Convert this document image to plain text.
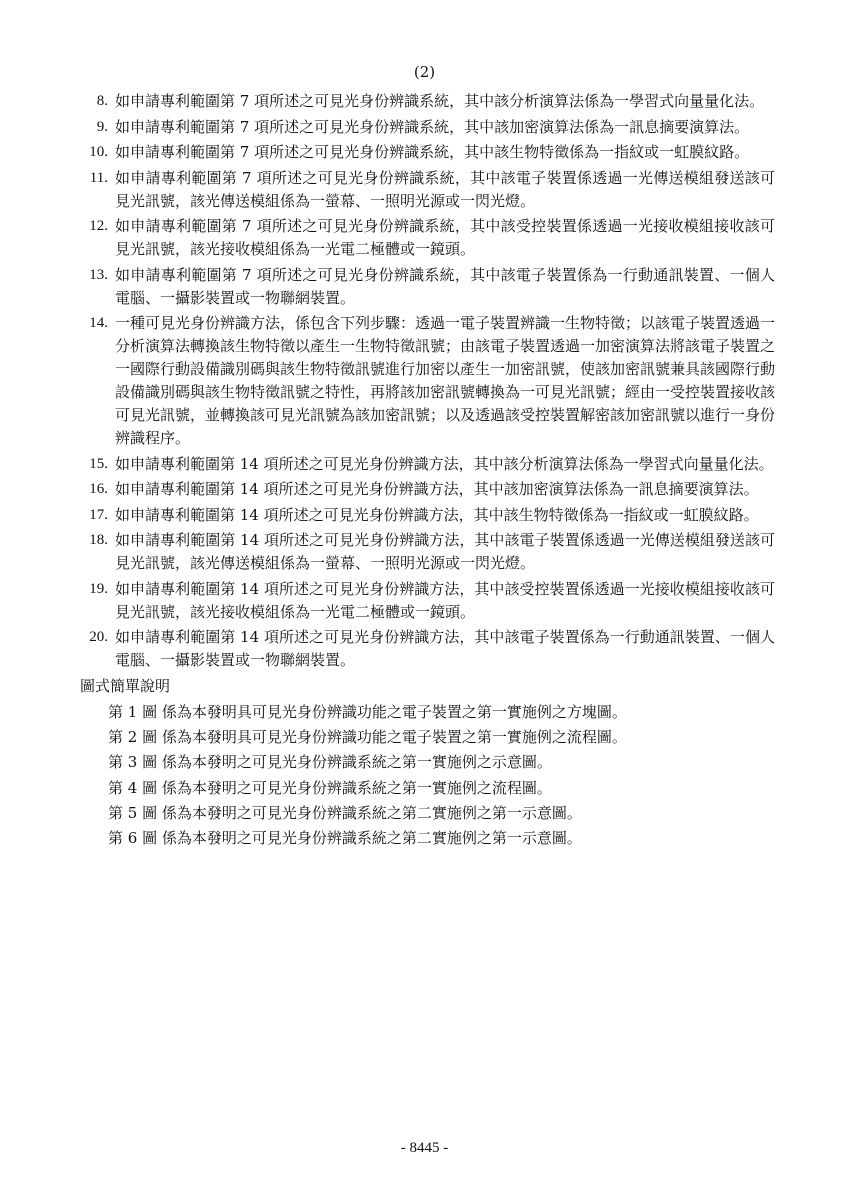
(2)
8. 如申請專利範圍第 7 項所述之可見光身份辨識系統，其中該分析演算法係為一學習式向量量化法。
9. 如申請專利範圍第 7 項所述之可見光身份辨識系統，其中該加密演算法係為一訊息摘要演算法。
10. 如申請專利範圍第 7 項所述之可見光身份辨識系統，其中該生物特徵係為一指紋或一虹膜紋路。
11. 如申請專利範圍第 7 項所述之可見光身份辨識系統，其中該電子裝置係透過一光傳送模組發送該可見光訊號，該光傳送模組係為一螢幕、一照明光源或一閃光燈。
12. 如申請專利範圍第 7 項所述之可見光身份辨識系統，其中該受控裝置係透過一光接收模組接收該可見光訊號，該光接收模組係為一光電二極體或一鏡頭。
13. 如申請專利範圍第 7 項所述之可見光身份辨識系統，其中該電子裝置係為一行動通訊裝置、一個人電腦、一攝影裝置或一物聯網裝置。
14. 一種可見光身份辨識方法，係包含下列步驟：透過一電子裝置辨識一生物特徵；以該電子裝置透過一分析演算法轉換該生物特徵以產生一生物特徵訊號；由該電子裝置透過一加密演算法將該電子裝置之一國際行動設備識別碼與該生物特徵訊號進行加密以產生一加密訊號，使該加密訊號兼具該國際行動設備識別碼與該生物特徵訊號之特性，再將該加密訊號轉換為一可見光訊號；經由一受控裝置接收該可見光訊號，並轉換該可見光訊號為該加密訊號；以及透過該受控裝置解密該加密訊號以進行一身份辨識程序。
15. 如申請專利範圍第 14 項所述之可見光身份辨識方法，其中該分析演算法係為一學習式向量量化法。
16. 如申請專利範圍第 14 項所述之可見光身份辨識方法，其中該加密演算法係為一訊息摘要演算法。
17. 如申請專利範圍第 14 項所述之可見光身份辨識方法，其中該生物特徵係為一指紋或一虹膜紋路。
18. 如申請專利範圍第 14 項所述之可見光身份辨識方法，其中該電子裝置係透過一光傳送模組發送該可見光訊號，該光傳送模組係為一螢幕、一照明光源或一閃光燈。
19. 如申請專利範圍第 14 項所述之可見光身份辨識方法，其中該受控裝置係透過一光接收模組接收該可見光訊號，該光接收模組係為一光電二極體或一鏡頭。
20. 如申請專利範圍第 14 項所述之可見光身份辨識方法，其中該電子裝置係為一行動通訊裝置、一個人電腦、一攝影裝置或一物聯網裝置。
圖式簡單說明
第 1 圖 係為本發明具可見光身份辨識功能之電子裝置之第一實施例之方塊圖。
第 2 圖 係為本發明具可見光身份辨識功能之電子裝置之第一實施例之流程圖。
第 3 圖 係為本發明之可見光身份辨識系統之第一實施例之示意圖。
第 4 圖 係為本發明之可見光身份辨識系統之第一實施例之流程圖。
第 5 圖 係為本發明之可見光身份辨識系統之第二實施例之第一示意圖。
第 6 圖 係為本發明之可見光身份辨識系統之第二實施例之第一示意圖。
- 8445 -
